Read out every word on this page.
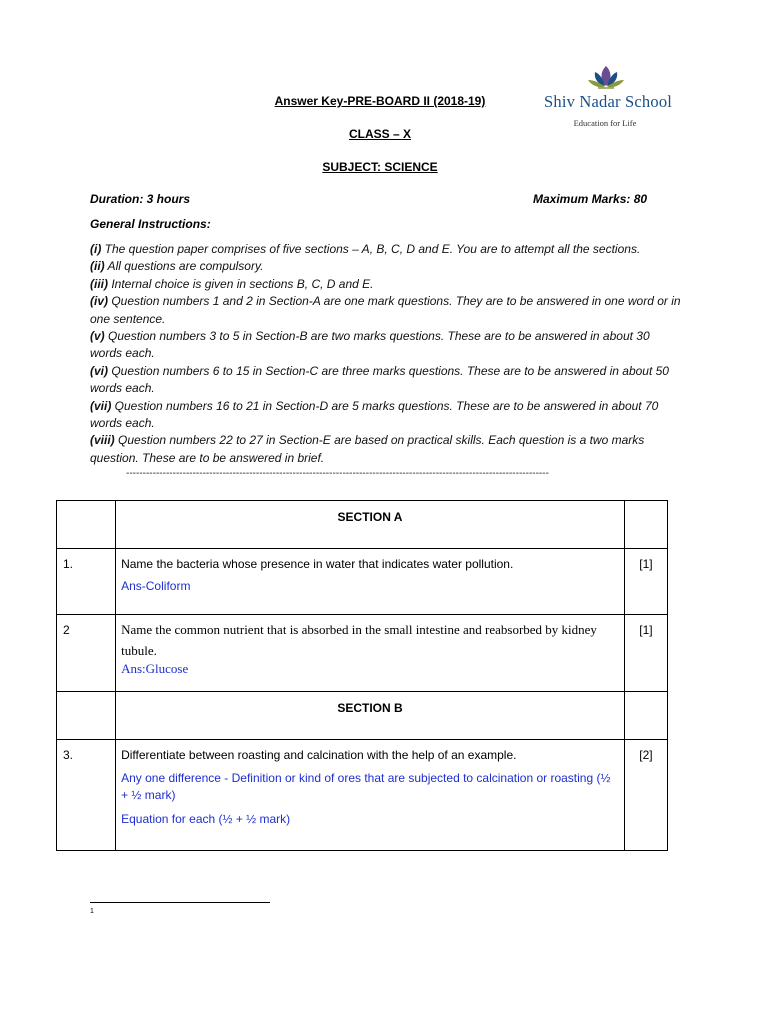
Answer Key-PRE-BOARD II (2018-19)
CLASS – X
SUBJECT: SCIENCE
Shiv Nadar School
Education for Life
Duration: 3 hours	Maximum Marks: 80
General Instructions:

(i) The question paper comprises of five sections – A, B, C, D and E. You are to attempt all the sections.

(ii) All questions are compulsory.

(iii) Internal choice is given in sections B, C, D and E.

(iv) Question numbers 1 and 2 in Section-A are one mark questions. They are to be answered in one word or in one sentence.

(v) Question numbers 3 to 5 in Section-B are two marks questions. These are to be answered in about 30 words each.

(vi) Question numbers 6 to 15 in Section-C are three marks questions. These are to be answered in about 50 words each.

(vii) Question numbers 16 to 21 in Section-D are 5 marks questions. These are to be answered in about 70 words each.

(viii) Question numbers 22 to 27 in Section-E are based on practical skills. Each question is a two marks question. These are to be answered in brief.

-------------------------------------------------------------------------------------------------------------------------------
	SECTION A	
1.	Name the bacteria whose presence in water that indicates water pollution.
Ans-Coliform	[1]
2	Name the common nutrient that is absorbed in the small intestine and reabsorbed by kidney tubule.
Ans:Glucose	[1]
	SECTION B	
3.	Differentiate between roasting and calcination with the help of an example.
Any one difference - Definition or kind of ores that are subjected to calcination or roasting (½ + ½ mark)
Equation for each (½ + ½ mark)	[2]
1
